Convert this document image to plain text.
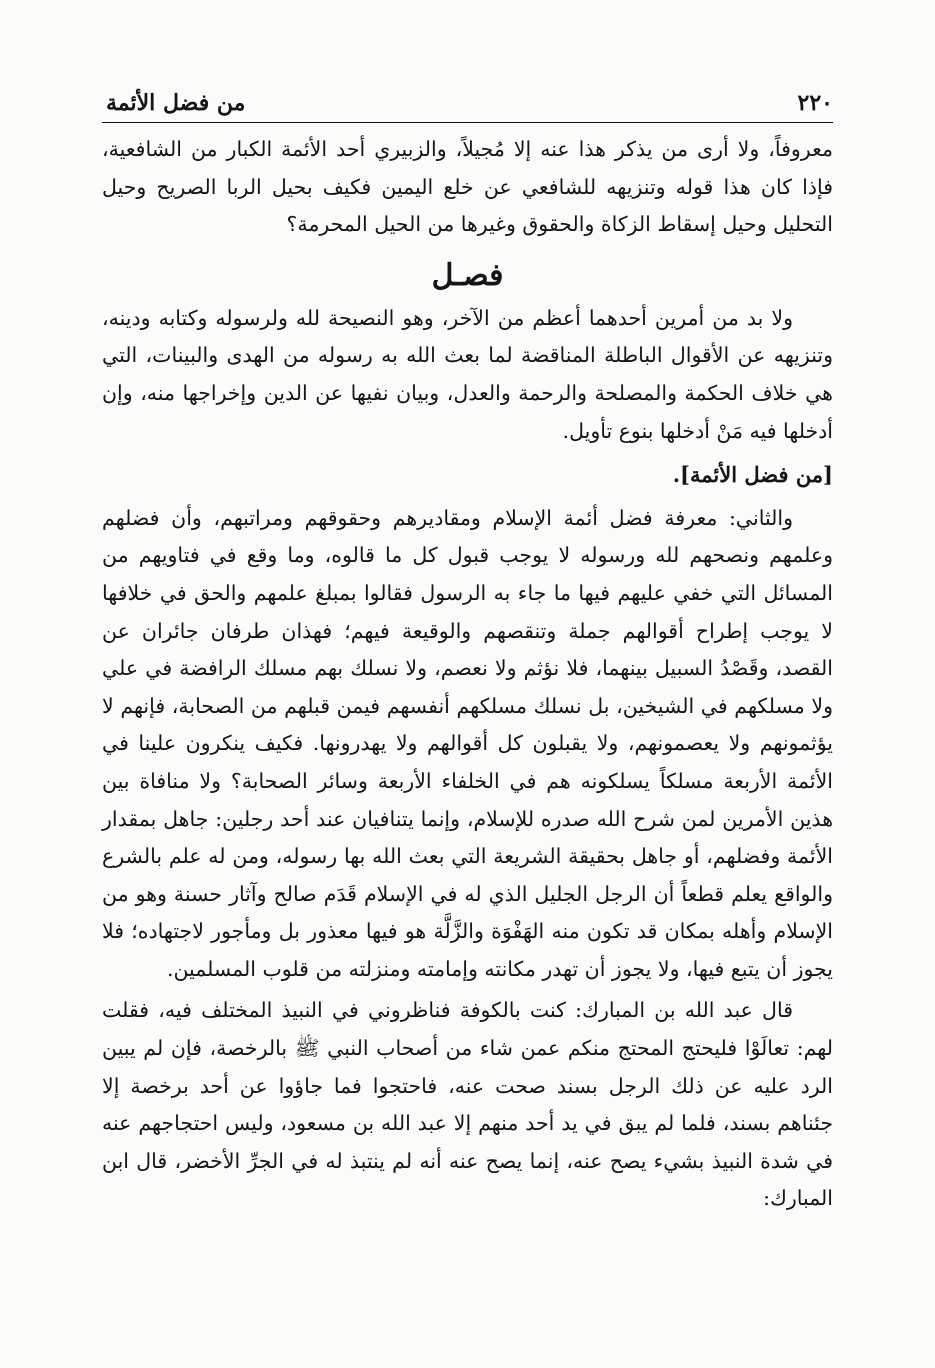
٢٢٠
من فضل الأئمة

معروفاً، ولا أرى من يذكر هذا عنه إلا مُجيلاً، والزبيري أحد الأئمة الكبار من الشافعية، فإذا كان هذا قوله وتنزيهه للشافعي عن خلع اليمين فكيف بحيل الربا الصريح وحيل التحليل وحيل إسقاط الزكاة والحقوق وغيرها من الحيل المحرمة؟

فصـل

ولا بد من أمرين أحدهما أعظم من الآخر، وهو النصيحة لله ولرسوله وكتابه ودينه، وتنزيهه عن الأقوال الباطلة المناقضة لما بعث الله به رسوله من الهدى والبينات، التي هي خلاف الحكمة والمصلحة والرحمة والعدل، وبيان نفيها عن الدين وإخراجها منه، وإن أدخلها فيه مَنْ أدخلها بنوع تأويل.

[من فضل الأئمة].

والثاني: معرفة فضل أئمة الإسلام ومقاديرهم وحقوقهم ومراتبهم، وأن فضلهم وعلمهم ونصحهم لله ورسوله لا يوجب قبول كل ما قالوه، وما وقع في فتاويهم من المسائل التي خفي عليهم فيها ما جاء به الرسول فقالوا بمبلغ علمهم والحق في خلافها لا يوجب إطراح أقوالهم جملة وتنقصهم والوقيعة فيهم؛ فهذان طرفان جائران عن القصد، وقَصْدُ السبيل بينهما، فلا نؤثم ولا نعصم، ولا نسلك بهم مسلك الرافضة في علي ولا مسلكهم في الشيخين، بل نسلك مسلكهم أنفسهم فيمن قبلهم من الصحابة، فإنهم لا يؤثمونهم ولا يعصمونهم، ولا يقبلون كل أقوالهم ولا يهدرونها. فكيف ينكرون علينا في الأئمة الأربعة مسلكاً يسلكونه هم في الخلفاء الأربعة وسائر الصحابة؟ ولا منافاة بين هذين الأمرين لمن شرح الله صدره للإسلام، وإنما يتنافيان عند أحد رجلين: جاهل بمقدار الأئمة وفضلهم، أو جاهل بحقيقة الشريعة التي بعث الله بها رسوله، ومن له علم بالشرع والواقع يعلم قطعاً أن الرجل الجليل الذي له في الإسلام قَدَم صالح وآثار حسنة وهو من الإسلام وأهله بمكان قد تكون منه الهَفْوَة والزَّلَّة هو فيها معذور بل ومأجور لاجتهاده؛ فلا يجوز أن يتبع فيها، ولا يجوز أن تهدر مكانته وإمامته ومنزلته من قلوب المسلمين.

قال عبد الله بن المبارك: كنت بالكوفة فناظروني في النبيذ المختلف فيه، فقلت لهم: تعالَوْا فليحتج المحتج منكم عمن شاء من أصحاب النبي ﷺ بالرخصة، فإن لم يبين الرد عليه عن ذلك الرجل بسند صحت عنه، فاحتجوا فما جاؤوا عن أحد برخصة إلا جئناهم بسند، فلما لم يبق في يد أحد منهم إلا عبد الله بن مسعود، وليس احتجاجهم عنه في شدة النبيذ بشيء يصح عنه، إنما يصح عنه أنه لم ينتبذ له في الجرِّ الأخضر، قال ابن المبارك:
